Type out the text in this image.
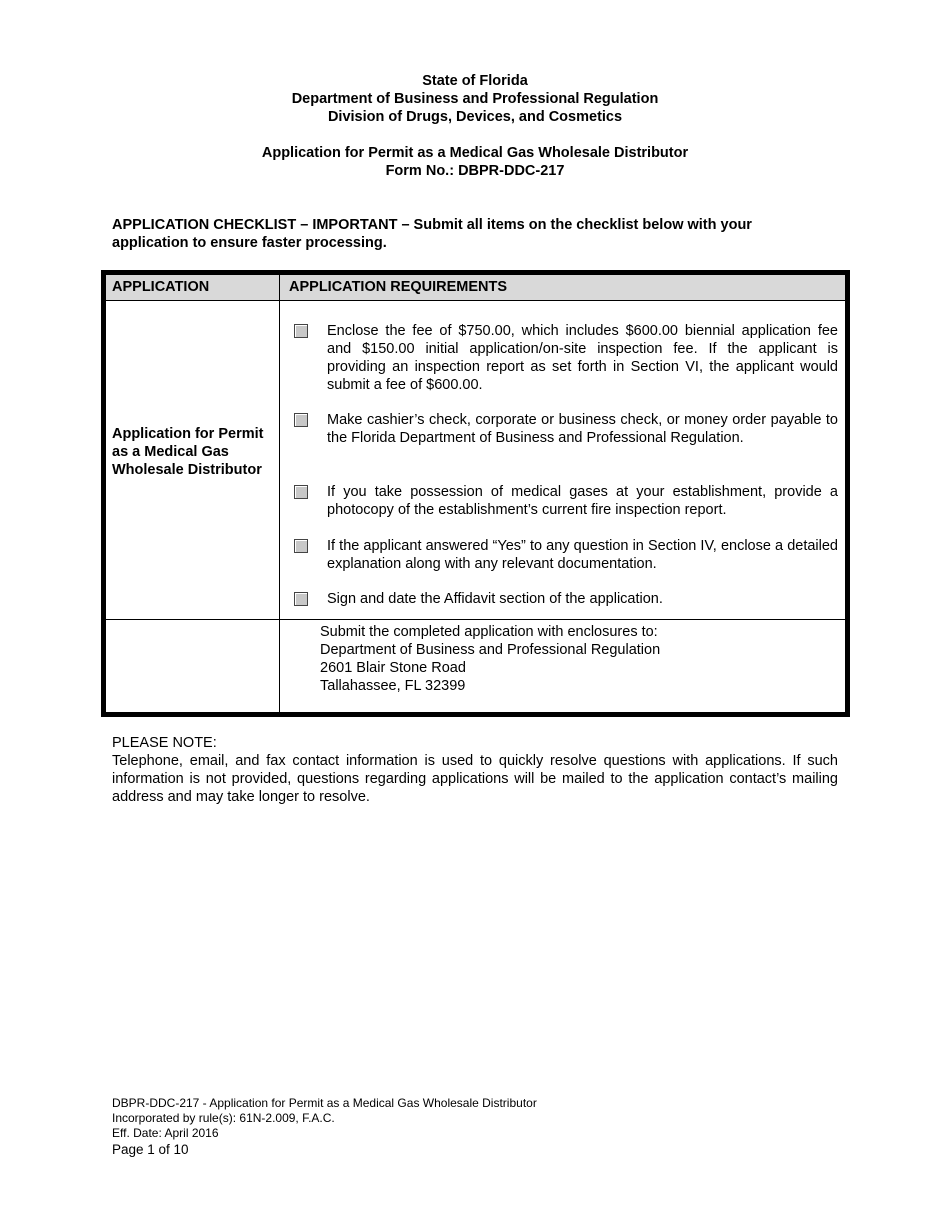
State of Florida
Department of Business and Professional Regulation
Division of Drugs, Devices, and Cosmetics
Application for Permit as a Medical Gas Wholesale Distributor
Form No.: DBPR-DDC-217
APPLICATION CHECKLIST – IMPORTANT – Submit all items on the checklist below with your application to ensure faster processing.
APPLICATION	APPLICATION REQUIREMENTS
Application for Permit as a Medical Gas Wholesale Distributor
Enclose the fee of $750.00, which includes $600.00 biennial application fee and $150.00 initial application/on-site inspection fee. If the applicant is providing an inspection report as set forth in Section VI, the applicant would submit a fee of $600.00.
Make cashier’s check, corporate or business check, or money order payable to the Florida Department of Business and Professional Regulation.
If you take possession of medical gases at your establishment, provide a photocopy of the establishment’s current fire inspection report.
If the applicant answered “Yes” to any question in Section IV, enclose a detailed explanation along with any relevant documentation.
Sign and date the Affidavit section of the application.
Submit the completed application with enclosures to:
Department of Business and Professional Regulation
2601 Blair Stone Road
Tallahassee, FL 32399
PLEASE NOTE:
Telephone, email, and fax contact information is used to quickly resolve questions with applications. If such information is not provided, questions regarding applications will be mailed to the application contact’s mailing address and may take longer to resolve.
DBPR-DDC-217 - Application for Permit as a Medical Gas Wholesale Distributor
Incorporated by rule(s): 61N-2.009, F.A.C.
Eff. Date: April 2016
Page 1 of 10
